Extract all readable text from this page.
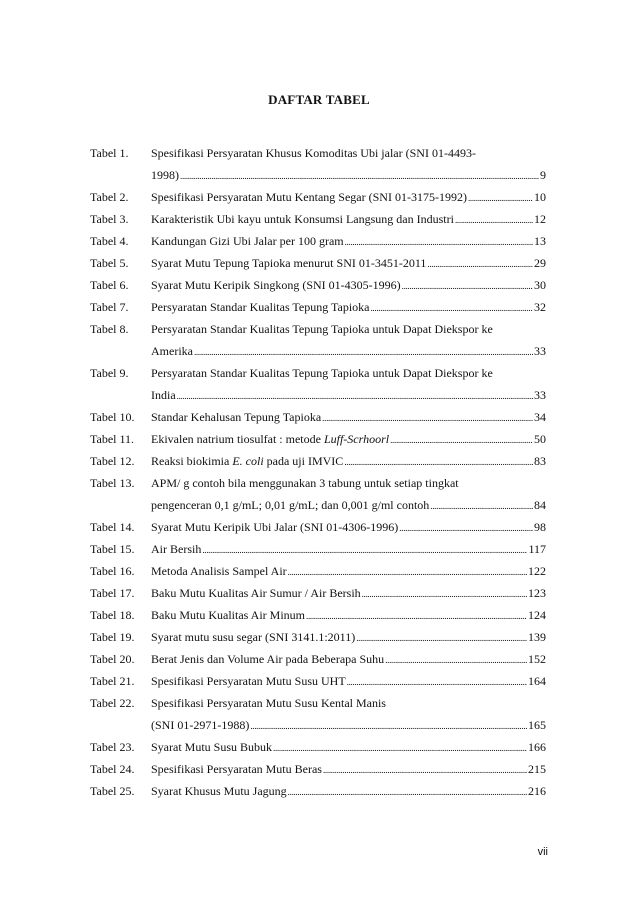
DAFTAR TABEL
Tabel 1.	Spesifikasi Persyaratan Khusus Komoditas Ubi jalar (SNI 01-4493-
1998) .....	9
Tabel 2.	Spesifikasi Persyaratan Mutu Kentang Segar (SNI 01-3175-1992) .....	10
Tabel 3.	Karakteristik Ubi kayu untuk Konsumsi Langsung dan Industri .....	12
Tabel 4.	Kandungan Gizi Ubi Jalar per 100 gram .....	13
Tabel 5.	Syarat Mutu Tepung Tapioka menurut SNI 01-3451-2011 .....	29
Tabel 6.	Syarat Mutu Keripik Singkong (SNI 01-4305-1996) .....	30
Tabel 7.	Persyaratan Standar Kualitas Tepung Tapioka .....	32
Tabel 8.	Persyaratan Standar Kualitas Tepung Tapioka untuk Dapat Diekspor ke
Amerika .....	33
Tabel 9.	Persyaratan Standar Kualitas Tepung Tapioka untuk Dapat Diekspor ke
India .....	33
Tabel 10.	Standar Kehalusan Tepung Tapioka .....	34
Tabel 11.	Ekivalen natrium tiosulfat : metode Luff-Scrhoorl .....	50
Tabel 12.	Reaksi biokimia E. coli pada uji IMVIC .....	83
Tabel 13.	APM/ g contoh bila menggunakan 3 tabung untuk setiap tingkat
pengenceran 0,1 g/mL; 0,01 g/mL; dan 0,001 g/ml contoh .....	84
Tabel 14.	Syarat Mutu Keripik Ubi Jalar (SNI 01-4306-1996) .....	98
Tabel 15.	Air Bersih .....	117
Tabel 16.	Metoda Analisis Sampel Air .....	122
Tabel 17.	Baku Mutu Kualitas Air Sumur / Air Bersih .....	123
Tabel 18.	Baku Mutu Kualitas Air Minum .....	124
Tabel 19.	Syarat mutu susu segar (SNI 3141.1:2011) .....	139
Tabel 20.	Berat Jenis dan Volume Air pada Beberapa Suhu .....	152
Tabel 21.	Spesifikasi Persyaratan Mutu Susu UHT .....	164
Tabel 22.	Spesifikasi Persyaratan Mutu Susu Kental Manis
(SNI 01-2971-1988) .....	165
Tabel 23.	Syarat Mutu Susu Bubuk .....	166
Tabel 24.	Spesifikasi Persyaratan Mutu Beras .....	215
Tabel 25.	Syarat Khusus Mutu Jagung .....	216
vii
